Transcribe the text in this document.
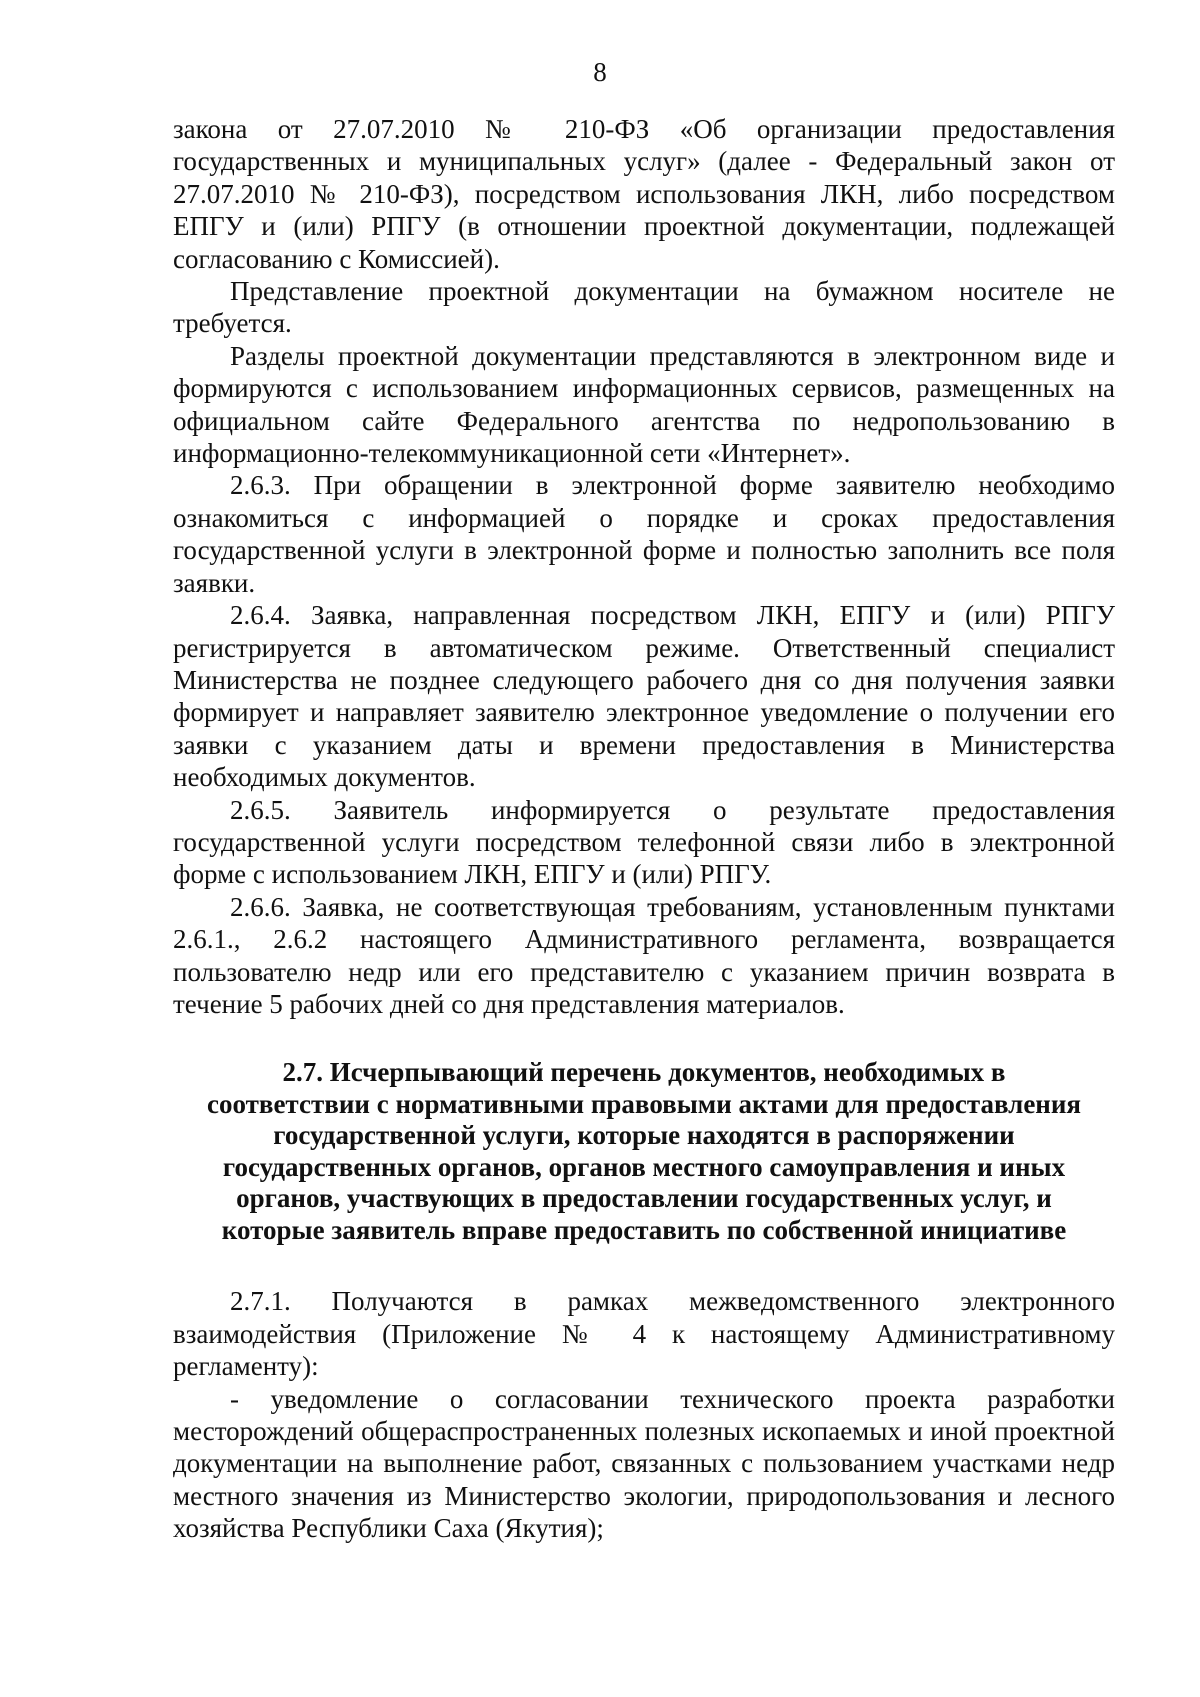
8

закона от 27.07.2010 № 210-ФЗ «Об организации предоставления государственных и муниципальных услуг» (далее - Федеральный закон от 27.07.2010 № 210-ФЗ), посредством использования ЛКН, либо посредством ЕПГУ и (или) РПГУ (в отношении проектной документации, подлежащей согласованию с Комиссией).

Представление проектной документации на бумажном носителе не требуется.

Разделы проектной документации представляются в электронном виде и формируются с использованием информационных сервисов, размещенных на официальном сайте Федерального агентства по недропользованию в информационно-телекоммуникационной сети «Интернет».

2.6.3. При обращении в электронной форме заявителю необходимо ознакомиться с информацией о порядке и сроках предоставления государственной услуги в электронной форме и полностью заполнить все поля заявки.

2.6.4. Заявка, направленная посредством ЛКН, ЕПГУ и (или) РПГУ регистрируется в автоматическом режиме. Ответственный специалист Министерства не позднее следующего рабочего дня со дня получения заявки формирует и направляет заявителю электронное уведомление о получении его заявки с указанием даты и времени предоставления в Министерства необходимых документов.

2.6.5. Заявитель информируется о результате предоставления государственной услуги посредством телефонной связи либо в электронной форме с использованием ЛКН, ЕПГУ и (или) РПГУ.

2.6.6. Заявка, не соответствующая требованиям, установленным пунктами 2.6.1., 2.6.2 настоящего Административного регламента, возвращается пользователю недр или его представителю с указанием причин возврата в течение 5 рабочих дней со дня представления материалов.

2.7. Исчерпывающий перечень документов, необходимых в
соответствии с нормативными правовыми актами для предоставления
государственной услуги, которые находятся в распоряжении
государственных органов, органов местного самоуправления и иных
органов, участвующих в предоставлении государственных услуг, и
которые заявитель вправе предоставить по собственной инициативе

2.7.1. Получаются в рамках межведомственного электронного взаимодействия (Приложение № 4 к настоящему Административному регламенту):

- уведомление о согласовании технического проекта разработки месторождений общераспространенных полезных ископаемых и иной проектной документации на выполнение работ, связанных с пользованием участками недр местного значения из Министерство экологии, природопользования и лесного хозяйства Республики Саха (Якутия);
